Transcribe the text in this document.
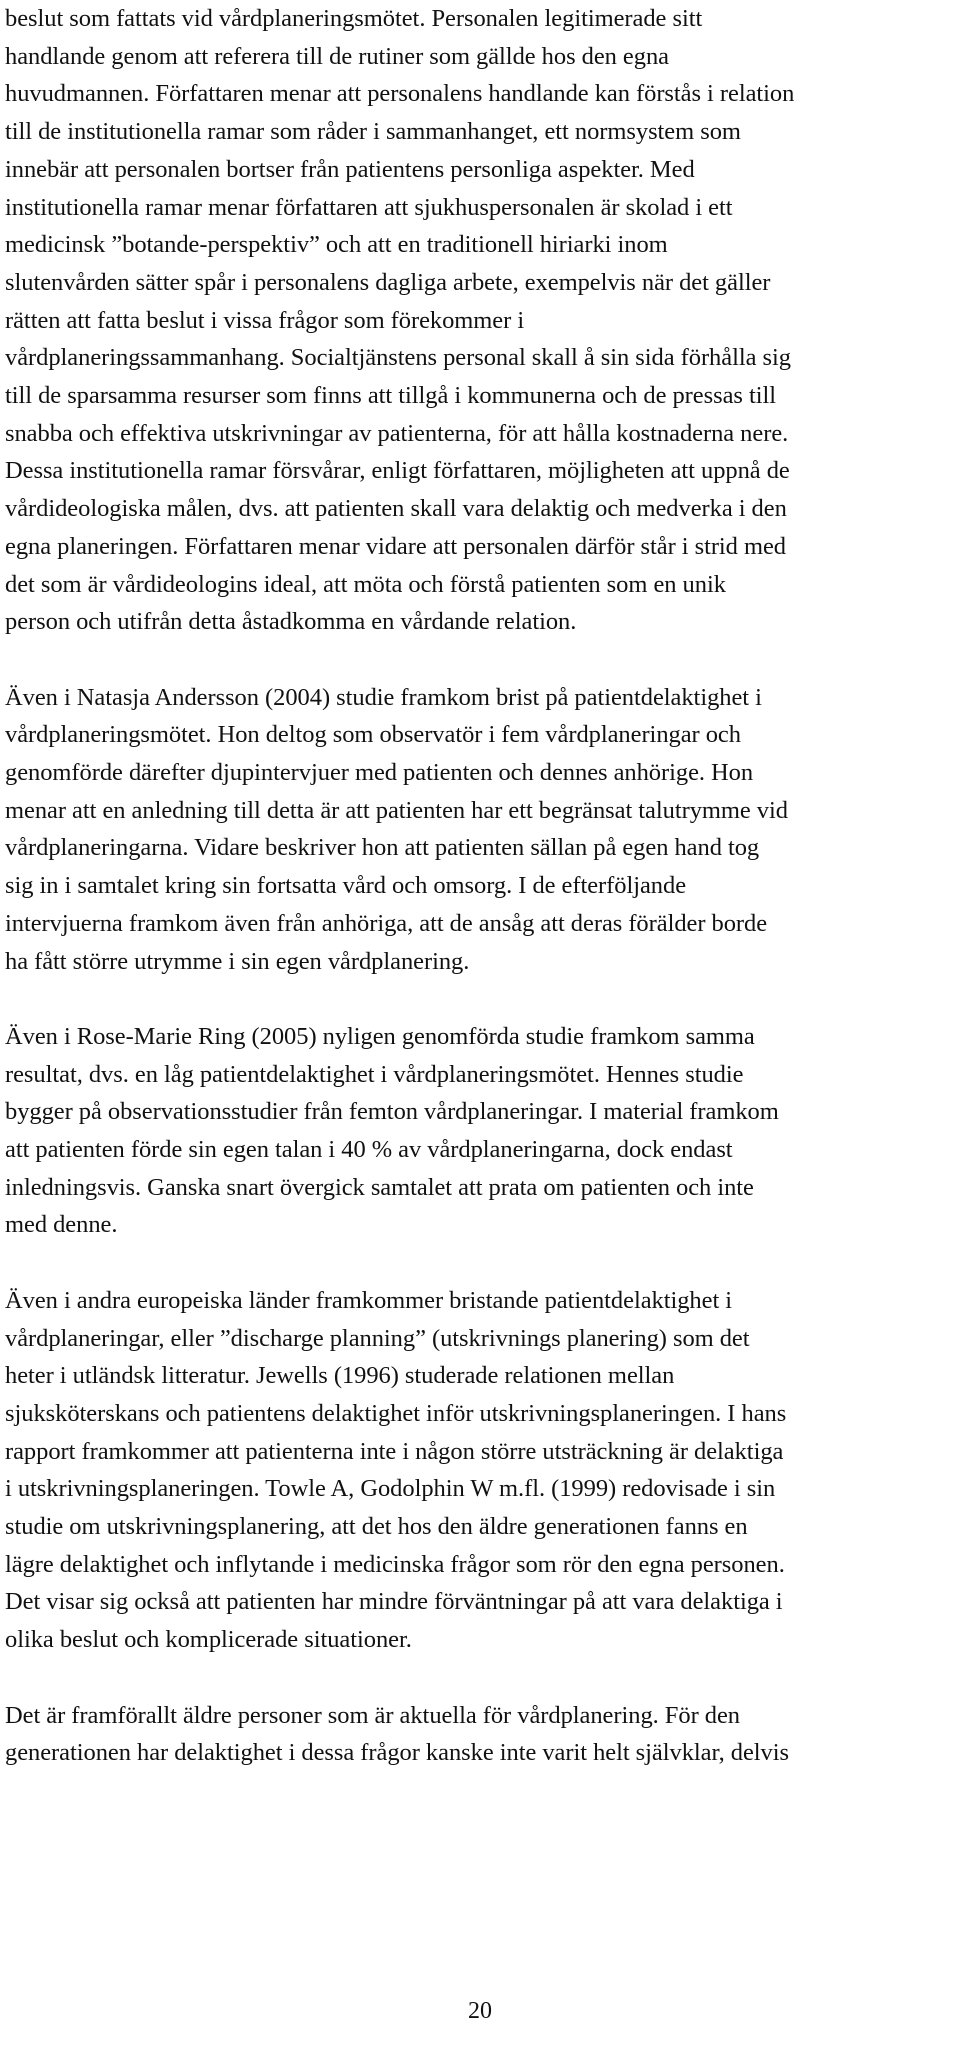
beslut som fattats vid vårdplaneringsmötet. Personalen legitimerade sitt
handlande genom att referera till de rutiner som gällde hos den egna
huvudmannen. Författaren menar att personalens handlande kan förstås i relation
till de institutionella ramar som råder i sammanhanget, ett normsystem som
innebär att personalen bortser från patientens personliga aspekter. Med
institutionella ramar menar författaren att sjukhuspersonalen är skolad i ett
medicinsk ”botande-perspektiv” och att en traditionell hiriarki inom
slutenvården sätter spår i personalens dagliga arbete, exempelvis när det gäller
rätten att fatta beslut i vissa frågor som förekommer i
vårdplaneringssammanhang. Socialtjänstens personal skall å sin sida förhålla sig
till de sparsamma resurser som finns att tillgå i kommunerna och de pressas till
snabba och effektiva utskrivningar av patienterna, för att hålla kostnaderna nere.
Dessa institutionella ramar försvårar, enligt författaren, möjligheten att uppnå de
vårdideologiska målen, dvs. att patienten skall vara delaktig och medverka i den
egna planeringen. Författaren menar vidare att personalen därför står i strid med
det som är vårdideologins ideal, att möta och förstå patienten som en unik
person och utifrån detta åstadkomma en vårdande relation.
Även i Natasja Andersson (2004) studie framkom brist på patientdelaktighet i
vårdplaneringsmötet. Hon deltog som observatör i fem vårdplaneringar och
genomförde därefter djupintervjuer med patienten och dennes anhörige. Hon
menar att en anledning till detta är att patienten har ett begränsat talutrymme vid
vårdplaneringarna. Vidare beskriver hon att patienten sällan på egen hand tog
sig in i samtalet kring sin fortsatta vård och omsorg. I de efterföljande
intervjuerna framkom även från anhöriga, att de ansåg att deras förälder borde
ha fått större utrymme i sin egen vårdplanering.
Även i Rose-Marie Ring (2005) nyligen genomförda studie framkom samma
resultat, dvs. en låg patientdelaktighet i vårdplaneringsmötet. Hennes studie
bygger på observationsstudier från femton vårdplaneringar. I material framkom
att patienten förde sin egen talan i 40 % av vårdplaneringarna, dock endast
inledningsvis. Ganska snart övergick samtalet att prata om patienten och inte
med denne.
Även i andra europeiska länder framkommer bristande patientdelaktighet i
vårdplaneringar, eller ”discharge planning” (utskrivnings planering) som det
heter i utländsk litteratur. Jewells (1996) studerade relationen mellan
sjuksköterskans och patientens delaktighet inför utskrivningsplaneringen. I hans
rapport framkommer att patienterna inte i någon större utsträckning är delaktiga
i utskrivningsplaneringen. Towle A, Godolphin W m.fl. (1999) redovisade i sin
studie om utskrivningsplanering, att det hos den äldre generationen fanns en
lägre delaktighet och inflytande i medicinska frågor som rör den egna personen.
Det visar sig också att patienten har mindre förväntningar på att vara delaktiga i
olika beslut och komplicerade situationer.
Det är framförallt äldre personer som är aktuella för vårdplanering. För den
generationen har delaktighet i dessa frågor kanske inte varit helt självklar, delvis
20
